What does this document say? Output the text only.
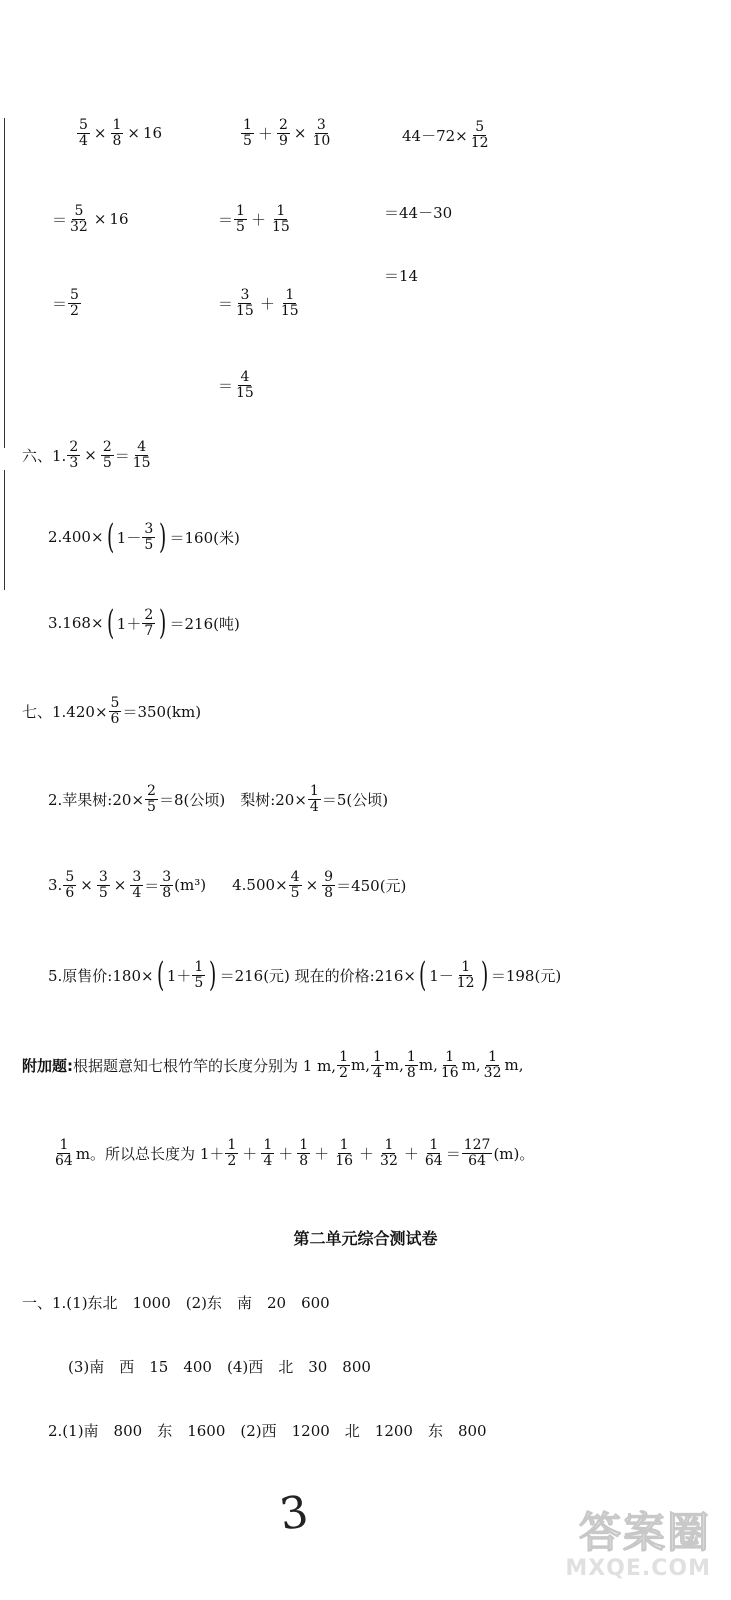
$\frac{5}{4} \times \frac{1}{8} \times 16$
＝ $\frac{5}{32} \times 16$
＝ $\frac{5}{2}$
$\frac{1}{5} + \frac{2}{9} \times \frac{3}{10}$
＝ $\frac{1}{5} + \frac{1}{15}$
＝ $\frac{3}{15} + \frac{1}{15}$
＝ $\frac{4}{15}$
$44-72\times \frac{5}{12}$
＝44－30
＝14
六、1. $\frac{2}{3} \times \frac{2}{5} = \frac{4}{15}$
2.400× ( $1- \frac{3}{5}$ ) ＝160(米)
3.168× ( $1+ \frac{2}{7}$ ) ＝216(吨)
七、$1.420\times \frac{5}{6} =350(km)$
2.苹果树:20× $\frac{2}{5} =8$(公顷)　梨树:20× $\frac{1}{4} =5$(公顷)
3. $\frac{5}{6} \times \frac{3}{5} \times \frac{3}{4} = \frac{3}{8} (m^3)$ $4.500\times \frac{4}{5} \times \frac{9}{8} =450$(元)
5.原售价:180× ( $1+ \frac{1}{5}$ ) ＝216(元) 现在的价格:216× ( $1- \frac{1}{12}$ ) ＝198(元)
附加题: 根据题意知七根竹竿的长度分别为 1 m, $\frac{1}{2} m$, $\frac{1}{4} m$, $\frac{1}{8} m$, $\frac{1}{16} m$, $\frac{1}{32} m$,
$\frac{1}{64}$ m。所以总长度为 $1+ \frac{1}{2} + \frac{1}{4} + \frac{1}{8} + \frac{1}{16} + \frac{1}{32} + \frac{1}{64} = \frac{127}{64} (m)$。
第二单元综合测试卷
一、1.(1)东北　1000　(2)东　南　20　600
(3)南　西　15　400　(4)西　北　30　800
2.(1)南　800　东　1600　(2)西　1200　北　1200　东　800
3	答案圈
MXQE.COM
